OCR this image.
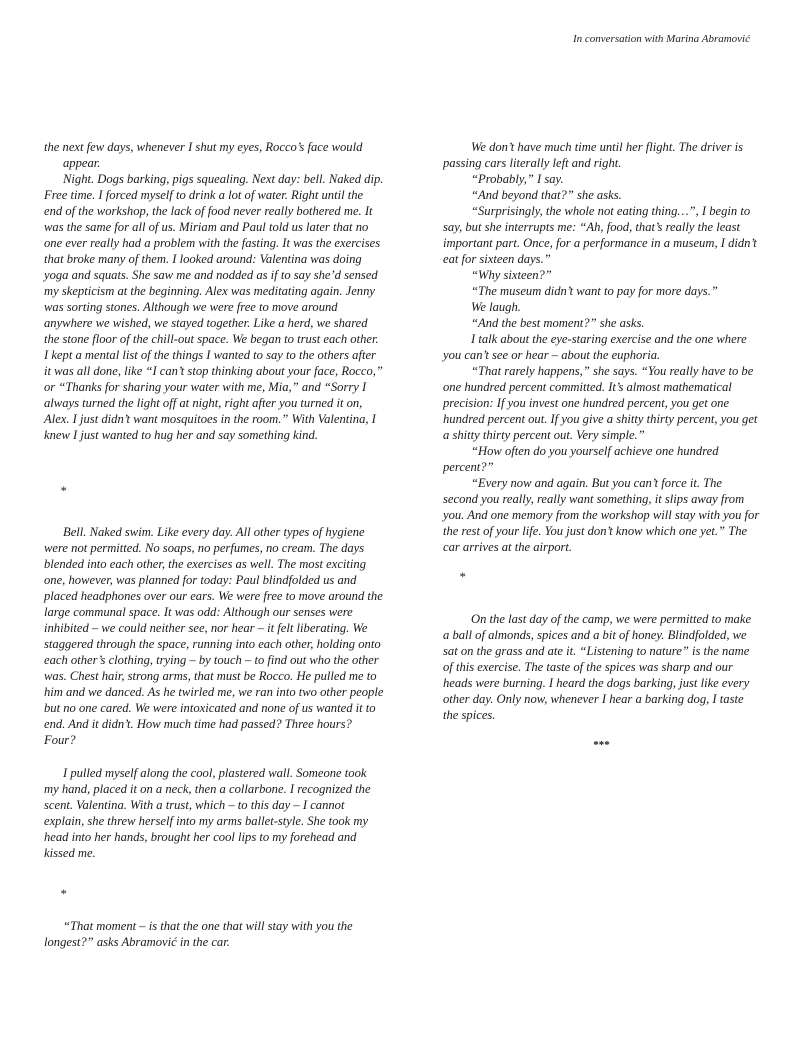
In conversation with Marina Abramović

the next few days, whenever I shut my eyes, Rocco’s face would appear.

Night. Dogs barking, pigs squealing. Next day: bell. Naked dip. Free time. I forced myself to drink a lot of water. Right until the end of the workshop, the lack of food never really bothered me. It was the same for all of us. Miriam and Paul told us later that no one ever really had a problem with the fasting. It was the exercises that broke many of them. I looked around: Valentina was doing yoga and squats. She saw me and nodded as if to say she’d sensed my skepticism at the beginning. Alex was meditating again. Jenny was sorting stones. Although we were free to move around anywhere we wished, we stayed together. Like a herd, we shared the stone floor of the chill-out space. We began to trust each other. I kept a mental list of the things I wanted to say to the others after it was all done, like “I can’t stop thinking about your face, Rocco,” or “Thanks for sharing your water with me, Mia,” and “Sorry I always turned the light off at night, right after you turned it on, Alex. I just didn’t want mosquitoes in the room.” With Valentina, I knew I just wanted to hug her and say something kind.

*

Bell. Naked swim. Like every day. All other types of hygiene were not permitted. No soaps, no perfumes, no cream. The days blended into each other, the exercises as well. The most exciting one, however, was planned for today: Paul blindfolded us and placed headphones over our ears. We were free to move around the large communal space. It was odd: Although our senses were inhibited – we could neither see, nor hear – it felt liberating. We staggered through the space, running into each other, holding onto each other’s clothing, trying – by touch – to find out who the other was. Chest hair, strong arms, that must be Rocco. He pulled me to him and we danced. As he twirled me, we ran into two other people but no one cared. We were intoxicated and none of us wanted it to end. And it didn’t. How much time had passed? Three hours? Four?

I pulled myself along the cool, plastered wall. Someone took my hand, placed it on a neck, then a collarbone. I recognized the scent. Valentina. With a trust, which – to this day – I cannot explain, she threw herself into my arms ballet-style. She took my head into her hands, brought her cool lips to my forehead and kissed me.

*

“That moment – is that the one that will stay with you the longest?” asks Abramović in the car.

We don’t have much time until her flight. The driver is passing cars literally left and right.

“Probably,” I say.

“And beyond that?” she asks.

“Surprisingly, the whole not eating thing…”, I begin to say, but she interrupts me: “Ah, food, that’s really the least important part. Once, for a performance in a museum, I didn’t eat for sixteen days.”

“Why sixteen?”

“The museum didn’t want to pay for more days.”

We laugh.

“And the best moment?” she asks.

I talk about the eye-staring exercise and the one where you can’t see or hear – about the euphoria.

“That rarely happens,” she says. “You really have to be one hundred percent committed. It’s almost mathematical precision: If you invest one hundred percent, you get one hundred percent out. If you give a shitty thirty percent, you get a shitty thirty percent out. Very simple.”

“How often do you yourself achieve one hundred percent?”

“Every now and again. But you can’t force it. The second you really, really want something, it slips away from you. And one memory from the workshop will stay with you for the rest of your life. You just don’t know which one yet.” The car arrives at the airport.

*

On the last day of the camp, we were permitted to make a ball of almonds, spices and a bit of honey. Blindfolded, we sat on the grass and ate it. “Listening to nature” is the name of this exercise. The taste of the spices was sharp and our heads were burning. I heard the dogs barking, just like every other day. Only now, whenever I hear a barking dog, I taste the spices.

***
